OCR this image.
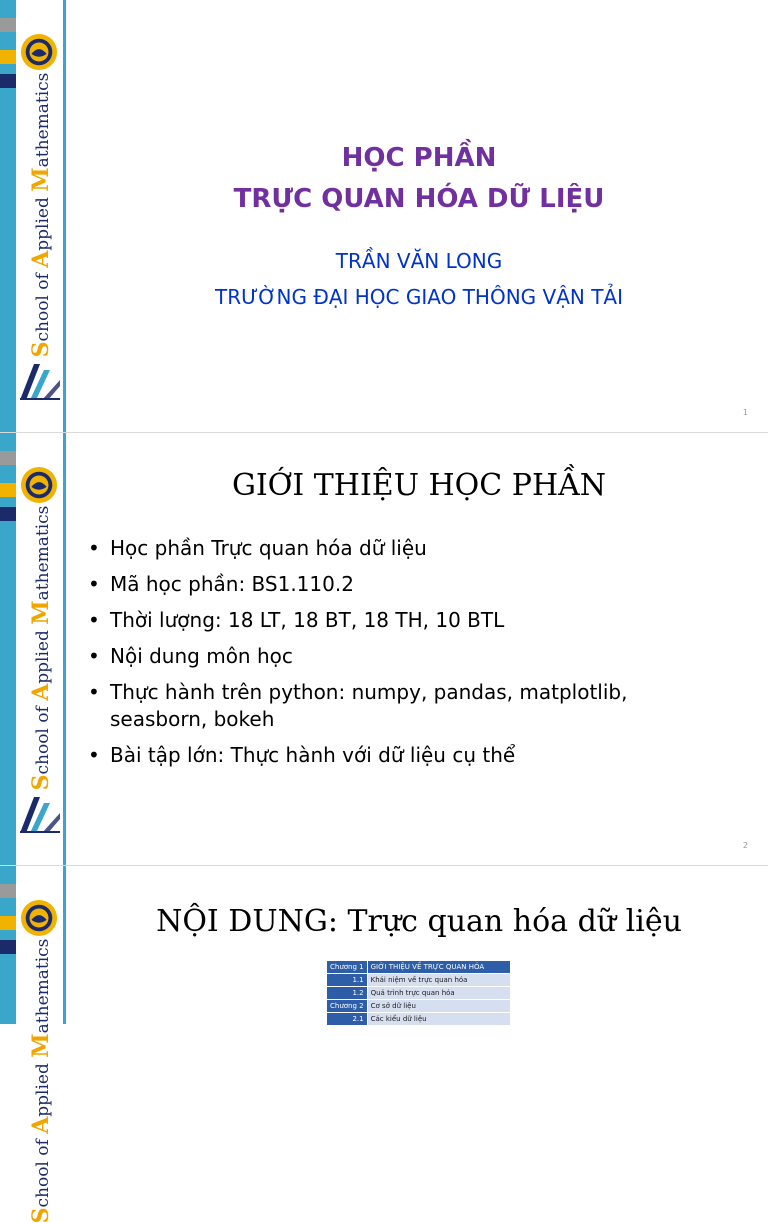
School of Applied Mathematics	HỌC PHẦN
TRỰC QUAN HÓA DỮ LIỆU
TRẦN VĂN LONG
TRƯỜNG ĐẠI HỌC GIAO THÔNG VẬN TẢI
1
School of Applied Mathematics
GIỚI THIỆU HỌC PHẦN
• Học phần Trực quan hóa dữ liệu
• Mã học phần: BS1.110.2
• Thời lượng: 18 LT, 18 BT, 18 TH, 10 BTL
• Nội dung môn học
• Thực hành trên python: numpy, pandas, matplotlib, seasborn, bokeh
• Bài tập lớn: Thực hành với dữ liệu cụ thể
2
School of Applied Mathematics
NỘI DUNG: Trực quan hóa dữ liệu
Chương 1	GIỚI THIỆU VỀ TRỰC QUAN HÓA
1.1	Khái niệm về trực quan hóa
1.2	Quá trình trực quan hóa
Chương 2	Cơ sở dữ liệu
2.1	Các kiểu dữ liệu
